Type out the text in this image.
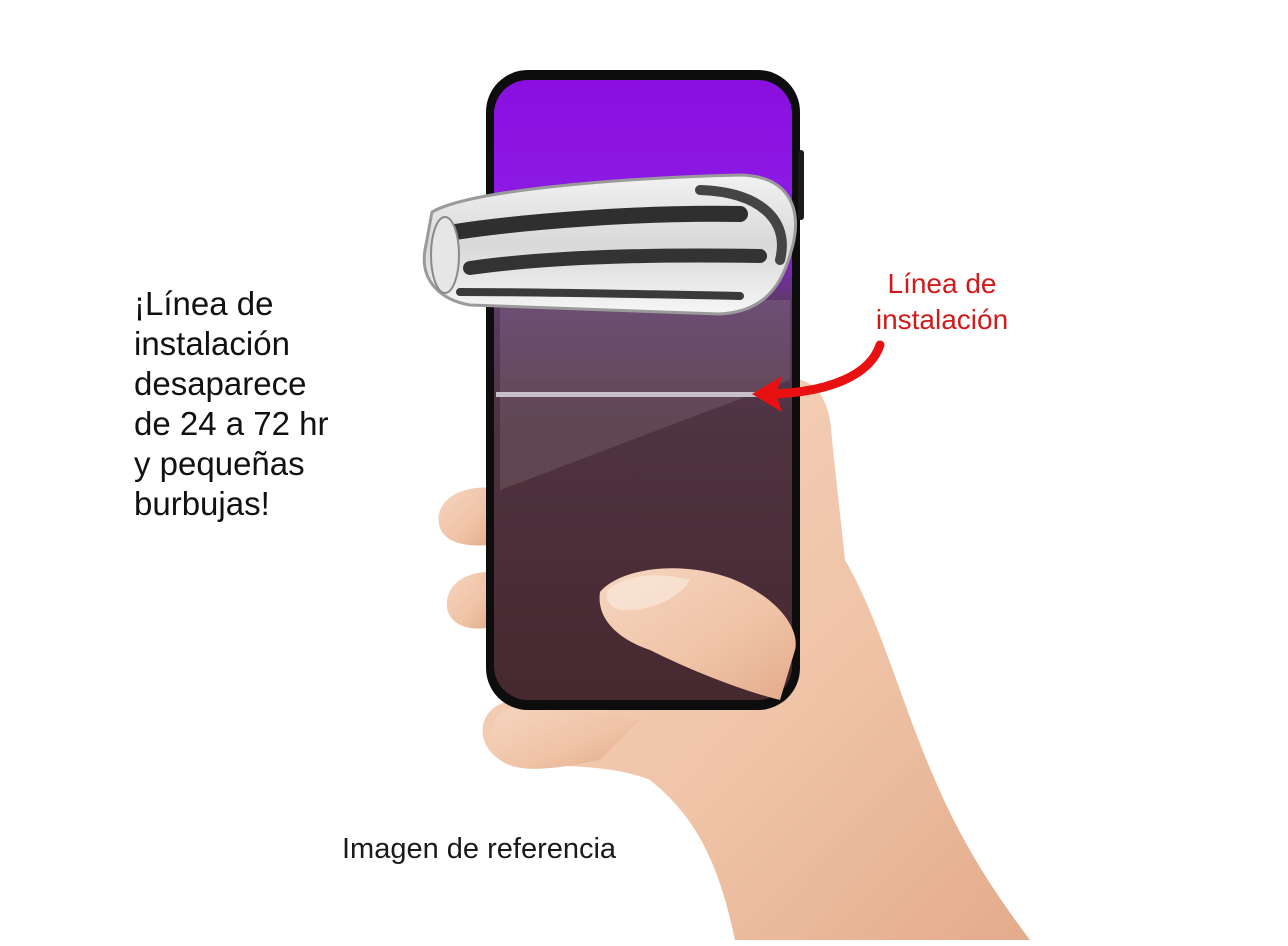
¡Línea de
instalación
desaparece
de 24 a 72 hr
y pequeñas
burbujas!
Línea de
instalación
Imagen de referencia
